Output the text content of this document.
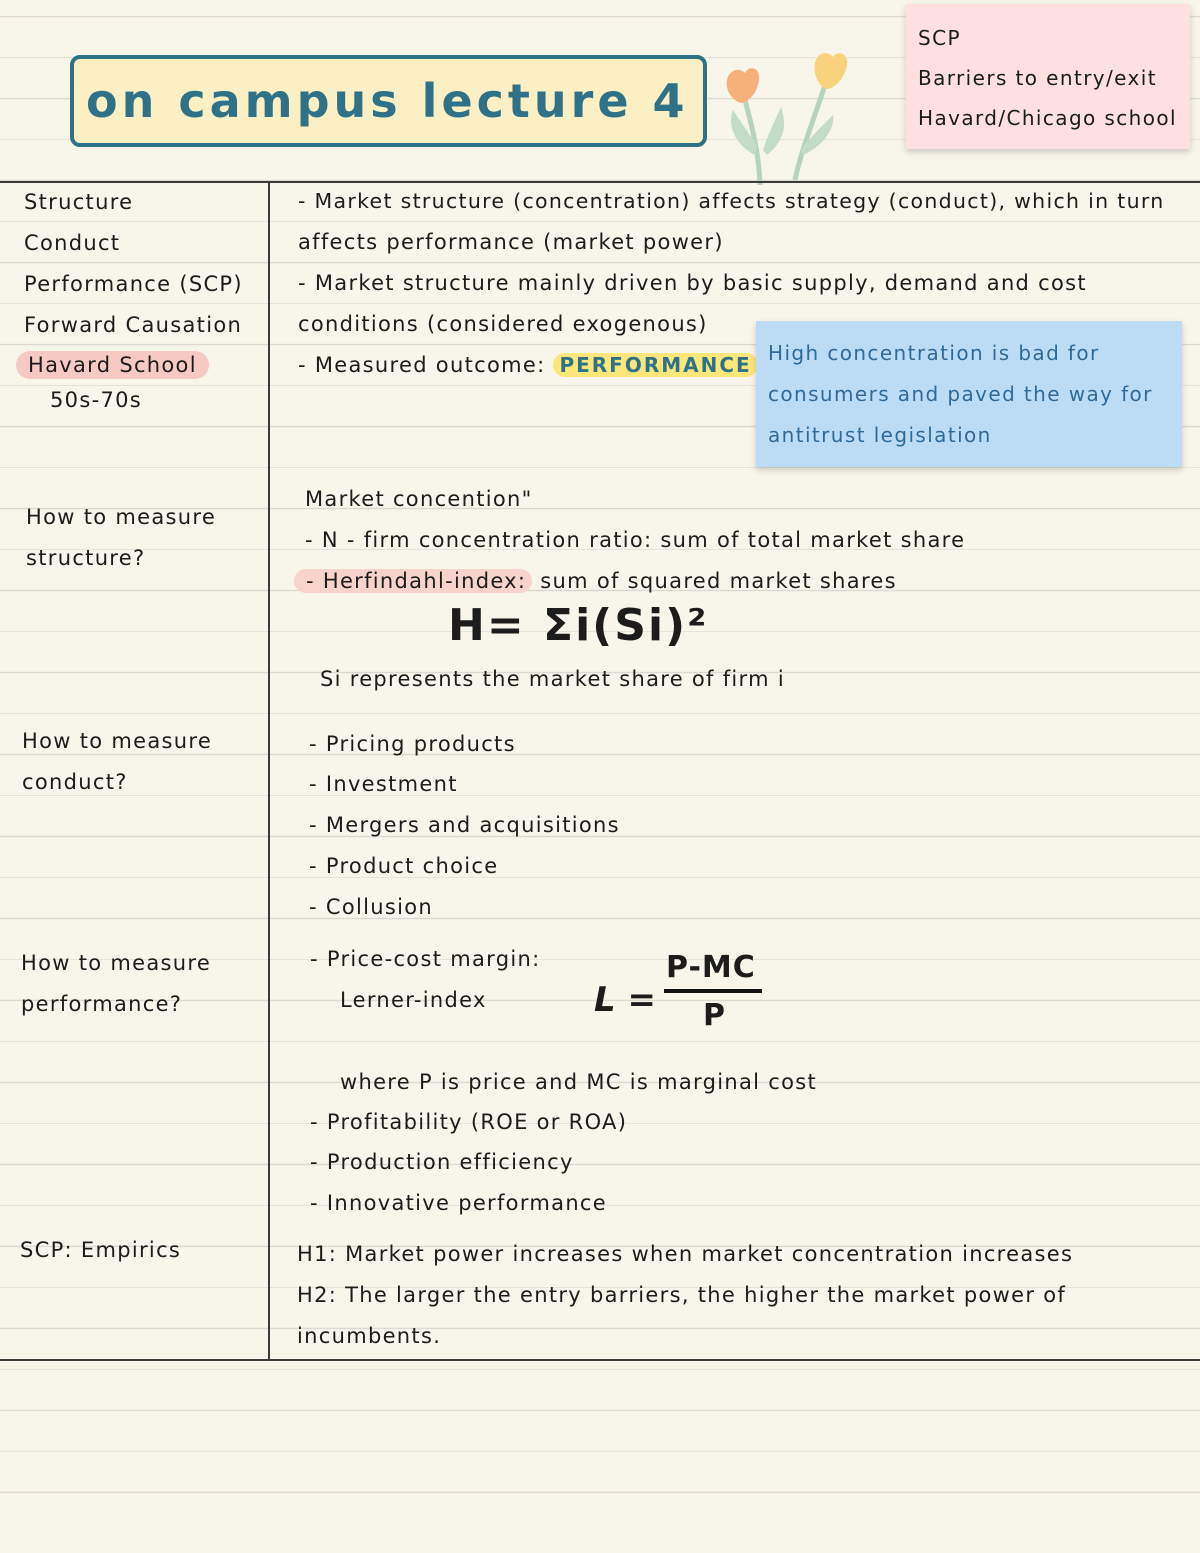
on campus lecture 4
SCP
Barriers to entry/exit
Havard/Chicago school
Structure
Conduct
Performance (SCP)
Forward Causation
Havard School
50s-70s
- Market structure (concentration) affects strategy (conduct), which in turn
affects performance (market power)
- Market structure mainly driven by basic supply, demand and cost
conditions (considered exogenous)
- Measured outcome: PERFORMANCE High concentration is bad for
consumers and paved the way for
antitrust legislation
How to measure
structure?
Market concention"
- N - firm concentration ratio: sum of total market share
- Herfindahl-index: sum of squared market shares
H= Σi(Si)²
Si represents the market share of firm i
How to measure
conduct?
- Pricing products
- Investment
- Mergers and acquisitions
- Product choice
- Collusion
How to measure
performance?
- Price-cost margin:
Lerner-index	L =
P-MC
P
where P is price and MC is marginal cost
- Profitability (ROE or ROA)
- Production efficiency
- Innovative performance
SCP: Empirics	H1: Market power increases when market concentration increases
H2: The larger the entry barriers, the higher the market power of
incumbents.
